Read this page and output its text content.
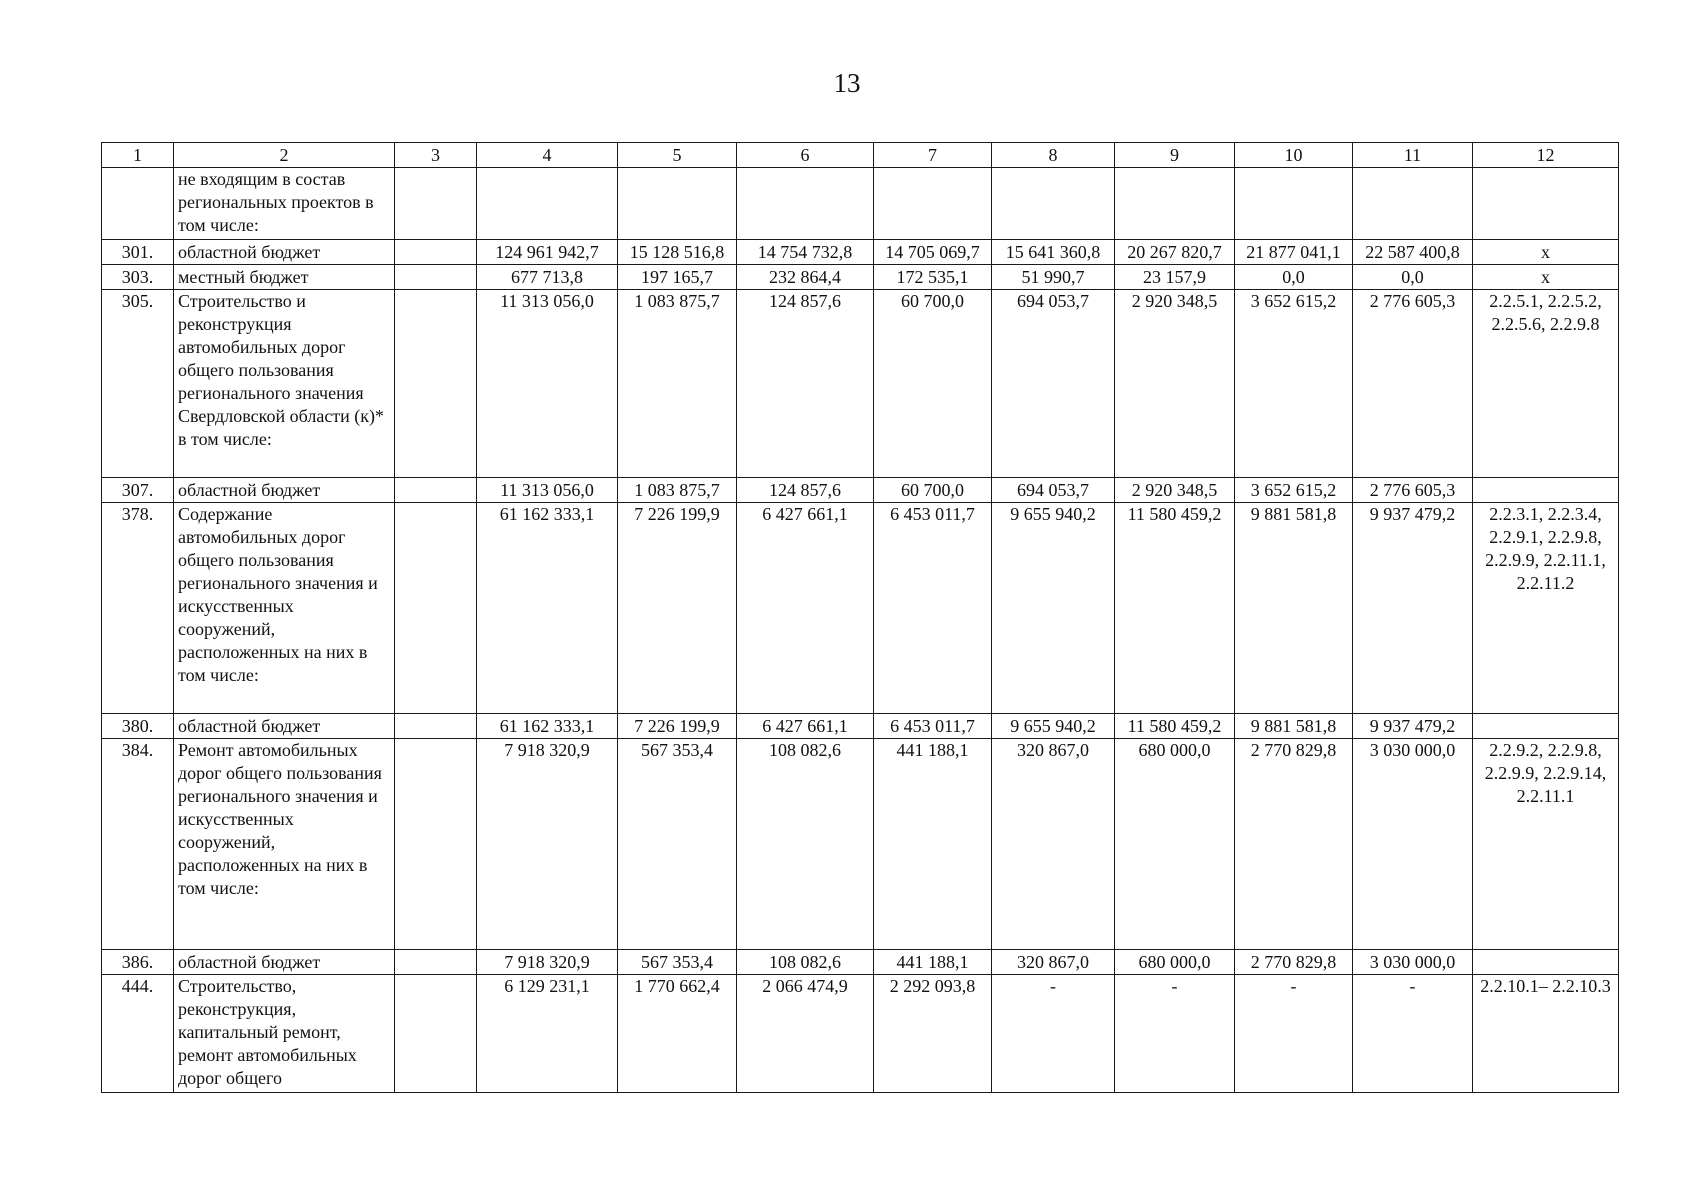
13
1	2	3	4	5	6	7	8	9	10	11	12
	не входящим в состав региональных проектов в том числе:										
301.	областной бюджет		124 961 942,7	15 128 516,8	14 754 732,8	14 705 069,7	15 641 360,8	20 267 820,7	21 877 041,1	22 587 400,8	х
303.	местный бюджет		677 713,8	197 165,7	232 864,4	172 535,1	51 990,7	23 157,9	0,0	0,0	х
305.	Строительство и реконструкция автомобильных дорог общего пользования регионального значения Свердловской области (к)* в том числе:		11 313 056,0	1 083 875,7	124 857,6	60 700,0	694 053,7	2 920 348,5	3 652 615,2	2 776 605,3	2.2.5.1, 2.2.5.2, 2.2.5.6, 2.2.9.8
307.	областной бюджет		11 313 056,0	1 083 875,7	124 857,6	60 700,0	694 053,7	2 920 348,5	3 652 615,2	2 776 605,3	
378.	Содержание автомобильных дорог общего пользования регионального значения и искусственных сооружений, расположенных на них в том числе:		61 162 333,1	7 226 199,9	6 427 661,1	6 453 011,7	9 655 940,2	11 580 459,2	9 881 581,8	9 937 479,2	2.2.3.1, 2.2.3.4, 2.2.9.1, 2.2.9.8, 2.2.9.9, 2.2.11.1, 2.2.11.2
380.	областной бюджет		61 162 333,1	7 226 199,9	6 427 661,1	6 453 011,7	9 655 940,2	11 580 459,2	9 881 581,8	9 937 479,2	
384.	Ремонт автомобильных дорог общего пользования регионального значения и искусственных сооружений, расположенных на них в том числе:		7 918 320,9	567 353,4	108 082,6	441 188,1	320 867,0	680 000,0	2 770 829,8	3 030 000,0	2.2.9.2, 2.2.9.8, 2.2.9.9, 2.2.9.14, 2.2.11.1
386.	областной бюджет		7 918 320,9	567 353,4	108 082,6	441 188,1	320 867,0	680 000,0	2 770 829,8	3 030 000,0	
444.	Строительство, реконструкция, капитальный ремонт, ремонт автомобильных дорог общего		6 129 231,1	1 770 662,4	2 066 474,9	2 292 093,8	-	-	-	-	2.2.10.1– 2.2.10.3
